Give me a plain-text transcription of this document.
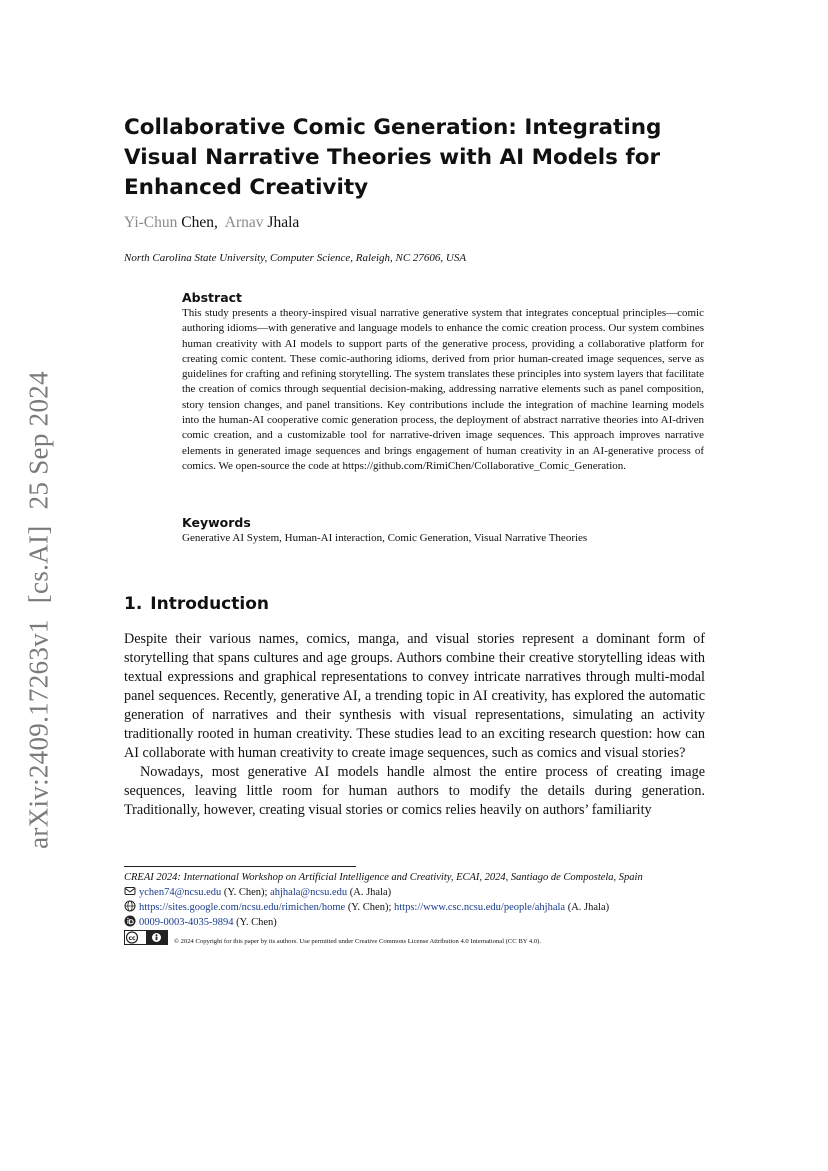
arXiv:2409.17263v1[cs.AI]25 Sep 2024
Collaborative Comic Generation: Integrating Visual Narrative Theories with AI Models for Enhanced Creativity
Yi-Chun Chen, Arnav Jhala
North Carolina State University, Computer Science, Raleigh, NC 27606, USA
Abstract

This study presents a theory-inspired visual narrative generative system that integrates conceptual principles—comic authoring idioms—with generative and language models to enhance the comic creation process. Our system combines human creativity with AI models to support parts of the generative process, providing a collaborative platform for creating comic content. These comic-authoring idioms, derived from prior human-created image sequences, serve as guidelines for crafting and refining storytelling. The system translates these principles into system layers that facilitate the creation of comics through sequential decision-making, addressing narrative elements such as panel composition, story tension changes, and panel transitions. Key contributions include the integration of machine learning models into the human-AI cooperative comic generation process, the deployment of abstract narrative theories into AI-driven comic creation, and a customizable tool for narrative-driven image sequences. This approach improves narrative elements in generated image sequences and brings engagement of human creativity in an AI-generative process of comics. We open-source the code at https://github.com/RimiChen/Collaborative_Comic_Generation.

Keywords

Generative AI System, Human-AI interaction, Comic Generation, Visual Narrative Theories

1. Introduction

Despite their various names, comics, manga, and visual stories represent a dominant form of storytelling that spans cultures and age groups. Authors combine their creative storytelling ideas with textual expressions and graphical representations to convey intricate narratives through multi-modal panel sequences. Recently, generative AI, a trending topic in AI creativity, has explored the automatic generation of narratives and their synthesis with visual representations, simulating an activity traditionally rooted in human creativity. These studies lead to an exciting research question: how can AI collaborate with human creativity to create image sequences, such as comics and visual stories?

Nowadays, most generative AI models handle almost the entire process of creating image sequences, leaving little room for human authors to modify the details during generation. Traditionally, however, creating visual stories or comics relies heavily on authors’ familiarity

CREAI 2024: International Workshop on Artificial Intelligence and Creativity, ECAI, 2024, Santiago de Compostela, Spain
ychen74@ncsu.edu (Y. Chen); ahjhala@ncsu.edu (A. Jhala)
https://sites.google.com/ncsu.edu/rimichen/home (Y. Chen); https://www.csc.ncsu.edu/people/ahjhala (A. Jhala)
0009-0003-4035-9894 (Y. Chen)
cc	© 2024 Copyright for this paper by its authors. Use permitted under Creative Commons License Attribution 4.0 International (CC BY 4.0).
